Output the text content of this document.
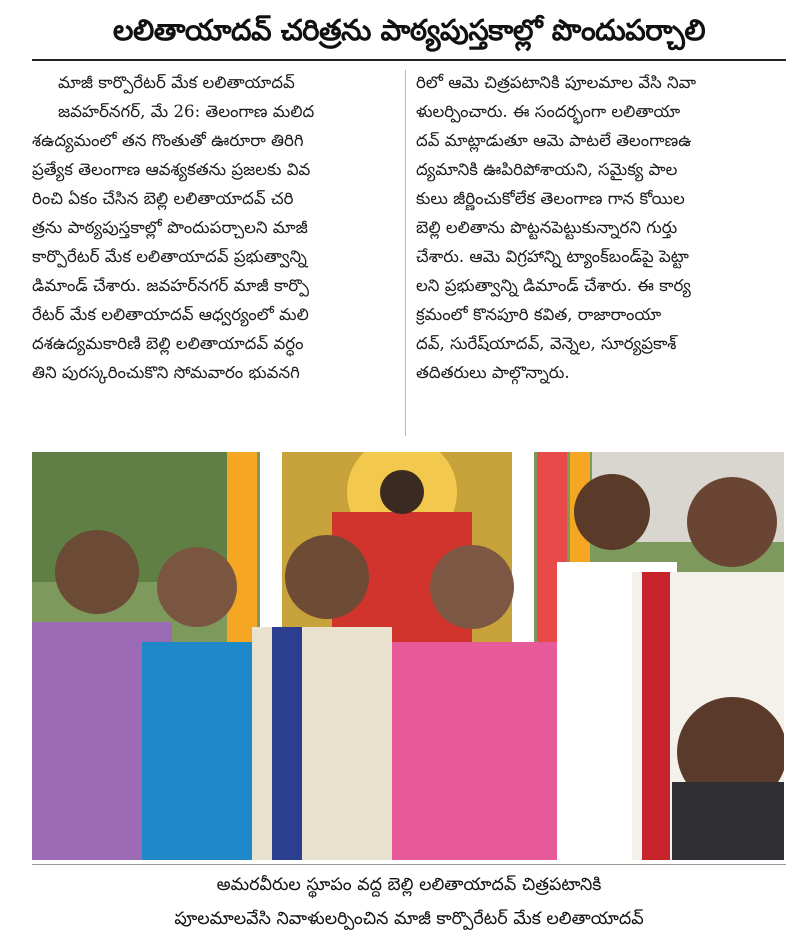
లలితాయాదవ్ చరిత్రను పాఠ్యపుస్తకాల్లో పొందుపర్చాలి
మాజీ కార్పొరేటర్ మేక లలితాయాదవ్
జవహర్‌నగర్, మే 26: తెలంగాణ మలిద
శఉద్యమంలో తన గొంతుతో ఊరూరా తిరిగి
ప్రత్యేక తెలంగాణ ఆవశ్యకతను ప్రజలకు వివ
రించి ఏకం చేసిన బెల్లి లలితాయాదవ్ చరి
త్రను పాఠ్యపుస్తకాల్లో పొందుపర్చాలని మాజీ
కార్పొరేటర్ మేక లలితాయాదవ్ ప్రభుత్వాన్ని
డిమాండ్ చేశారు. జవహర్‌నగర్ మాజీ కార్పొ
రేటర్ మేక లలితాయాదవ్ ఆధ్వర్యంలో మలి
దశఉద్యమకారిణి బెల్లి లలితాయాదవ్ వర్ధం
తిని పురస్కరించుకొని సోమవారం భువనగి
రిలో ఆమె చిత్రపటానికి పూలమాల వేసి నివా
ళులర్పించారు. ఈ సందర్భంగా లలితాయా
దవ్ మాట్లాడుతూ ఆమె పాటలే తెలంగాణఉ
ద్యమానికి ఊపిరిపోశాయని, సమైక్య పాల
కులు జీర్ణించుకోలేక తెలంగాణ గాన కోయిల
బెల్లి లలితాను పొట్టనపెట్టుకున్నారని గుర్తు
చేశారు. ఆమె విగ్రహాన్ని ట్యాంక్‌బండ్‌పై పెట్టా
లని ప్రభుత్వాన్ని డిమాండ్ చేశారు. ఈ కార్య
క్రమంలో కొనపూరి కవిత, రాజారాంయా
దవ్, సురేష్‌యాదవ్, వెన్నెల, సూర్యప్రకాశ్
తదితరులు పాల్గొన్నారు.
అమరవీరుల స్థూపం వద్ద బెల్లి లలితాయాదవ్ చిత్రపటానికి
పూలమాలవేసి నివాళులర్పించిన మాజీ కార్పొరేటర్ మేక లలితాయాదవ్
